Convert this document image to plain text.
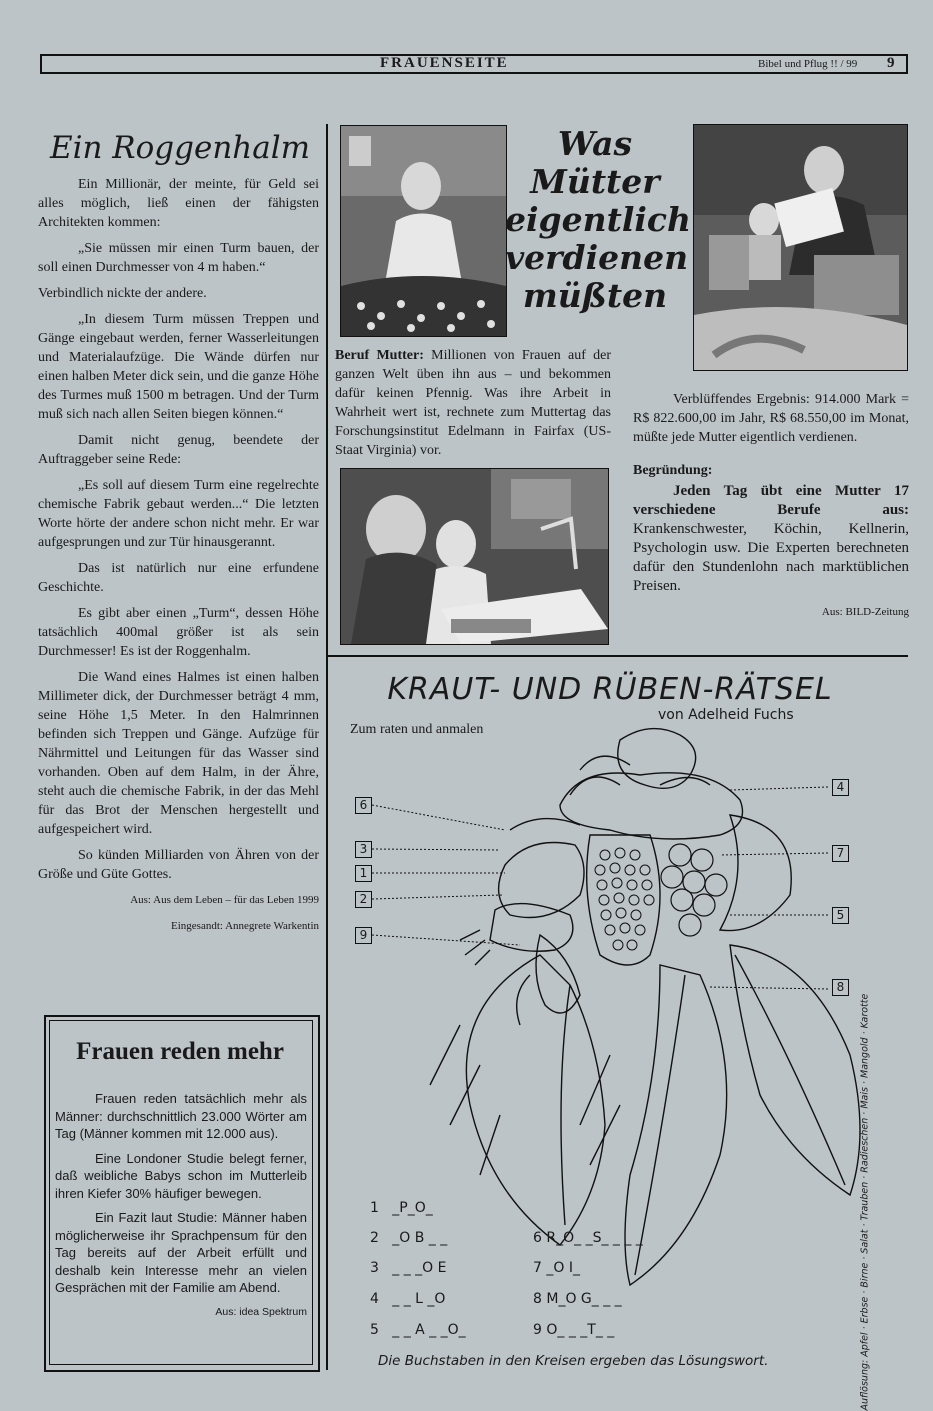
FRAUENSEITE	Bibel und Pflug !! / 99 9
Ein Roggenhalm

Ein Millionär, der meinte, für Geld sei alles möglich, ließ einen der fähigsten Architekten kommen:

„Sie müssen mir einen Turm bauen, der soll einen Durchmesser von 4 m haben.“

Verbindlich nickte der andere.

„In diesem Turm müssen Treppen und Gänge eingebaut werden, ferner Wasserleitungen und Materialaufzüge. Die Wände dürfen nur einen halben Meter dick sein, und die ganze Höhe des Turmes muß 1500 m betragen. Und der Turm muß sich nach allen Seiten biegen können.“

Damit nicht genug, beendete der Auftraggeber seine Rede:

„Es soll auf diesem Turm eine regelrechte chemische Fabrik gebaut werden...“ Die letzten Worte hörte der andere schon nicht mehr. Er war aufgesprungen und zur Tür hinausgerannt.

Das ist natürlich nur eine erfundene Geschichte.

Es gibt aber einen „Turm“, dessen Höhe tatsächlich 400mal größer ist als sein Durchmesser! Es ist der Roggenhalm.

Die Wand eines Halmes ist einen halben Millimeter dick, der Durchmesser beträgt 4 mm, seine Höhe 1,5 Meter. In den Halmrinnen befinden sich Treppen und Gänge. Aufzüge für Nährmittel und Leitungen für das Wasser sind vorhanden. Oben auf dem Halm, in der Ähre, steht auch die chemische Fabrik, in der das Mehl für das Brot der Menschen hergestellt und aufgespeichert wird.

So künden Milliarden von Ähren von der Größe und Güte Gottes.

Aus: Aus dem Leben – für das Leben 1999

Eingesandt: Annegrete Warkentin

Frauen reden mehr

Frauen reden tatsächlich mehr als Männer: durchschnittlich 23.000 Wörter am Tag (Männer kommen mit 12.000 aus).

Eine Londoner Studie belegt ferner, daß weibliche Babys schon im Mutterleib ihren Kiefer 30% häufiger bewegen.

Ein Fazit laut Studie: Männer haben möglicherweise ihr Sprachpensum für den Tag bereits auf der Arbeit erfüllt und deshalb kein Interesse mehr an vielen Gesprächen mit der Familie am Abend.

Aus: idea Spektrum

Was
Mütter
eigentlich
verdienen
müßten

Beruf Mutter: Millionen von Frauen auf der ganzen Welt üben ihn aus – und bekommen dafür keinen Pfennig. Was ihre Arbeit in Wahrheit wert ist, rechnete zum Muttertag das Forschungsinstitut Edelmann in Fairfax (US-Staat Virginia) vor.

Verblüffendes Ergebnis: 914.000 Mark = R$ 822.600,00 im Jahr, R$ 68.550,00 im Monat, müßte jede Mutter eigentlich verdienen.

Begründung:

Jeden Tag übt eine Mutter 17 verschiedene Berufe aus: Krankenschwester, Köchin, Kellnerin, Psychologin usw. Die Experten berechneten dafür den Stundenlohn nach marktüblichen Preisen.

Aus: BILD-Zeitung

KRAUT- UND RÜBEN-RÄTSEL
von Adelheid Fuchs
Zum raten und anmalen
6
3
1
2
9
4
7
5
8
1 _P_O_
2 _O B _ _
3 _ _ _O E
4 _ _ L _O
5 _ _ A _ _O_
6 R_O_ _S_ _ _ _
7 _O I_
8 M_O G_ _ _
9 O_ _ _T_ _
Die Buchstaben in den Kreisen ergeben das Lösungswort.	Auflösung: Apfel · Erbse · Birne · Salat · Trauben · Radieschen · Mais · Mangold · Karotte
